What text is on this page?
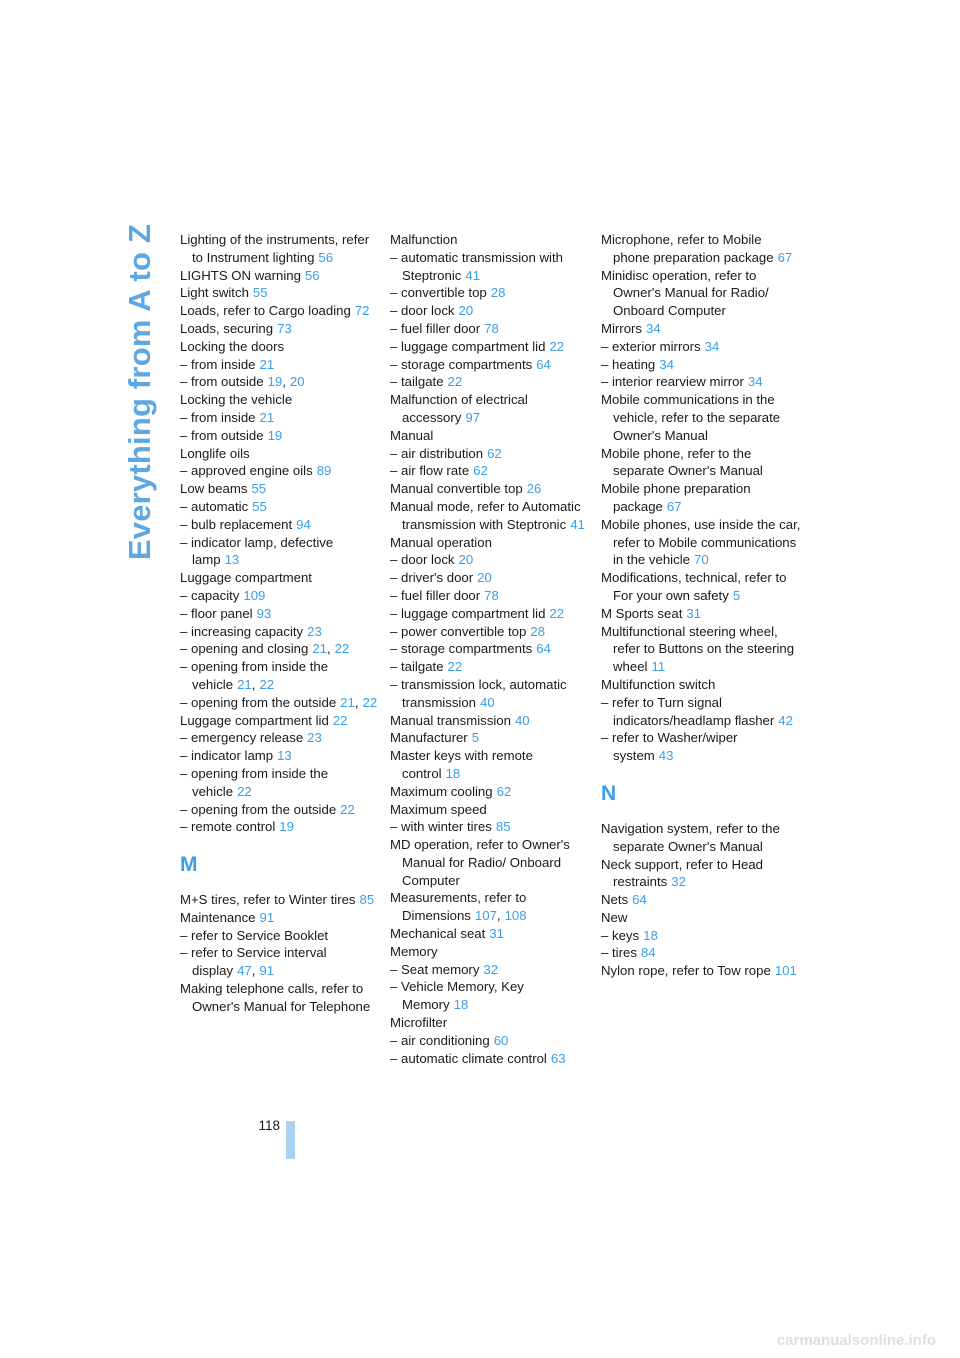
Everything from A to Z Lighting of the instruments, refer to Instrument lighting 56
LIGHTS ON warning 56
Light switch 55
Loads, refer to Cargo loading 72
Loads, securing 73
Locking the doors
– from inside 21
– from outside 19, 20
Locking the vehicle
– from inside 21
– from outside 19
Longlife oils
– approved engine oils 89
Low beams 55
– automatic 55
– bulb replacement 94
– indicator lamp, defective lamp 13
Luggage compartment
– capacity 109
– floor panel 93
– increasing capacity 23
– opening and closing 21, 22
– opening from inside the vehicle 21, 22
– opening from the outside 21, 22
Luggage compartment lid 22
– emergency release 23
– indicator lamp 13
– opening from inside the vehicle 22
– opening from the outside 22
– remote control 19
M
M+S tires, refer to Winter tires 85
Maintenance 91
– refer to Service Booklet
– refer to Service interval display 47, 91
Making telephone calls, refer to Owner's Manual for Telephone
Malfunction
– automatic transmission with Steptronic 41
– convertible top 28
– door lock 20
– fuel filler door 78
– luggage compartment lid 22
– storage compartments 64
– tailgate 22
Malfunction of electrical accessory 97
Manual
– air distribution 62
– air flow rate 62
Manual convertible top 26
Manual mode, refer to Automatic transmission with Steptronic 41
Manual operation
– door lock 20
– driver's door 20
– fuel filler door 78
– luggage compartment lid 22
– power convertible top 28
– storage compartments 64
– tailgate 22
– transmission lock, automatic transmission 40
Manual transmission 40
Manufacturer 5
Master keys with remote control 18
Maximum cooling 62
Maximum speed
– with winter tires 85
MD operation, refer to Owner's Manual for Radio/ Onboard Computer
Measurements, refer to Dimensions 107, 108
Mechanical seat 31
Memory
– Seat memory 32
– Vehicle Memory, Key Memory 18
Microfilter
– air conditioning 60
– automatic climate control 63
Microphone, refer to Mobile phone preparation package 67
Minidisc operation, refer to Owner's Manual for Radio/ Onboard Computer
Mirrors 34
– exterior mirrors 34
– heating 34
– interior rearview mirror 34
Mobile communications in the vehicle, refer to the separate Owner's Manual
Mobile phone, refer to the separate Owner's Manual
Mobile phone preparation package 67
Mobile phones, use inside the car, refer to Mobile communications in the vehicle 70
Modifications, technical, refer to For your own safety 5
M Sports seat 31
Multifunctional steering wheel, refer to Buttons on the steering wheel 11
Multifunction switch
– refer to Turn signal indicators/headlamp flasher 42
– refer to Washer/wiper system 43
N
Navigation system, refer to the separate Owner's Manual
Neck support, refer to Head restraints 32
Nets 64
New
– keys 18
– tires 84
Nylon rope, refer to Tow rope 101
118
carmanualsonline.info
